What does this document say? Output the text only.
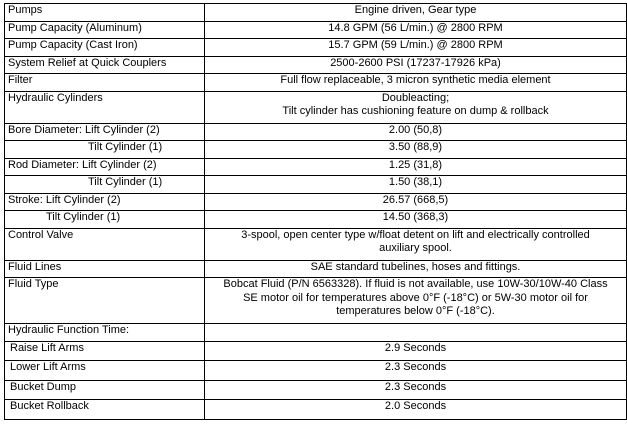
Pumps	Engine driven, Gear type
Pump Capacity (Aluminum)	14.8 GPM (56 L/min.) @ 2800 RPM
Pump Capacity (Cast Iron)	15.7 GPM (59 L/min.) @ 2800 RPM
System Relief at Quick Couplers	2500-2600 PSI (17237-17926 kPa)
Filter	Full flow replaceable, 3 micron synthetic media element
Hydraulic Cylinders	Doubleacting;
Tilt cylinder has cushioning feature on dump & rollback

Bore Diameter: Lift Cylinder (2)	2.00 (50,8)
Tilt Cylinder (1)	3.50 (88,9)
Rod Diameter: Lift Cylinder (2)	1.25 (31,8)
Tilt Cylinder (1)	1.50 (38,1)
Stroke: Lift Cylinder (2)	26.57 (668,5)
Tilt Cylinder (1)	14.50 (368,3)
Control Valve	3-spool, open center type w/float detent on lift and electrically controlled
auxiliary spool.

Fluid Lines	SAE standard tubelines, hoses and fittings.
Fluid Type	Bobcat Fluid (P/N 6563328). If fluid is not available, use 10W-30/10W-40 Class
SE motor oil for temperatures above 0°F (-18°C) or 5W-30 motor oil for
temperatures below 0°F (-18°C).

Hydraulic Function Time:	
Raise Lift Arms	2.9 Seconds
Lower Lift Arms	2.3 Seconds
Bucket Dump	2.3 Seconds
Bucket Rollback	2.0 Seconds
